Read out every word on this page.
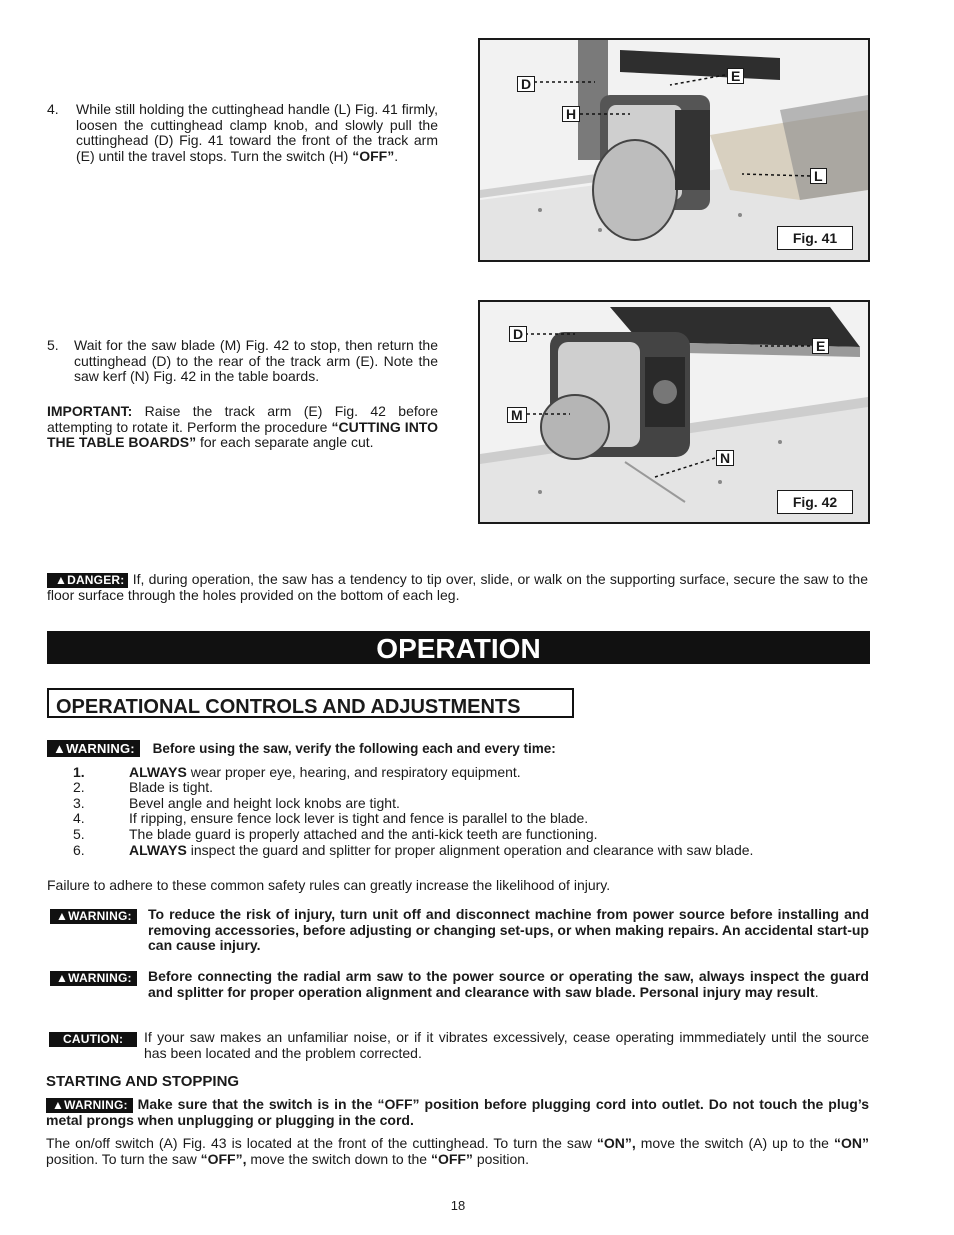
4. While still holding the cuttinghead handle (L) Fig. 41 firmly, loosen the cuttinghead clamp knob, and slowly pull the cuttinghead (D) Fig. 41 toward the front of the track arm (E) until the travel stops. Turn the switch (H) “OFF”.
D	E
H
L
Fig. 41
5. Wait for the saw blade (M) Fig. 42 to stop, then return the cuttinghead (D) to the rear of the track arm (E). Note the saw kerf (N) Fig. 42 in the table boards.
IMPORTANT: Raise the track arm (E) Fig. 42 before attempting to rotate it. Perform the procedure “CUTTING INTO THE TABLE BOARDS” for each separate angle cut.
D
E
M
N
Fig. 42
▲DANGER: If, during operation, the saw has a tendency to tip over, slide, or walk on the supporting surface, secure the saw to the floor surface through the holes provided on the bottom of each leg.
OPERATION
OPERATIONAL CONTROLS AND ADJUSTMENTS
▲WARNING: Before using the saw, verify the following each and every time:
1.	ALWAYS wear proper eye, hearing, and respiratory equipment.
2.	Blade is tight.
3.	Bevel angle and height lock knobs are tight.
4.	If ripping, ensure fence lock lever is tight and fence is parallel to the blade.
5.	The blade guard is properly attached and the anti-kick teeth are functioning.
6.	ALWAYS inspect the guard and splitter for proper alignment operation and clearance with saw blade.
Failure to adhere to these common safety rules can greatly increase the likelihood of injury.
▲WARNING:	To reduce the risk of injury, turn unit off and disconnect machine from power source before installing and removing accessories, before adjusting or changing set-ups, or when making repairs. An accidental start-up can cause injury.
▲WARNING:	Before connecting the radial arm saw to the power source or operating the saw, always inspect the guard and splitter for proper operation alignment and clearance with saw blade. Personal injury may result.
CAUTION:	If your saw makes an unfamiliar noise, or if it vibrates excessively, cease operating immmediately until the source has been located and the problem corrected.
STARTING AND STOPPING
▲WARNING: Make sure that the switch is in the “OFF” position before plugging cord into outlet. Do not touch the plug’s metal prongs when unplugging or plugging in the cord.
The on/off switch (A) Fig. 43 is located at the front of the cuttinghead. To turn the saw “ON”, move the switch (A) up to the “ON” position. To turn the saw “OFF”, move the switch down to the “OFF” position.
18
